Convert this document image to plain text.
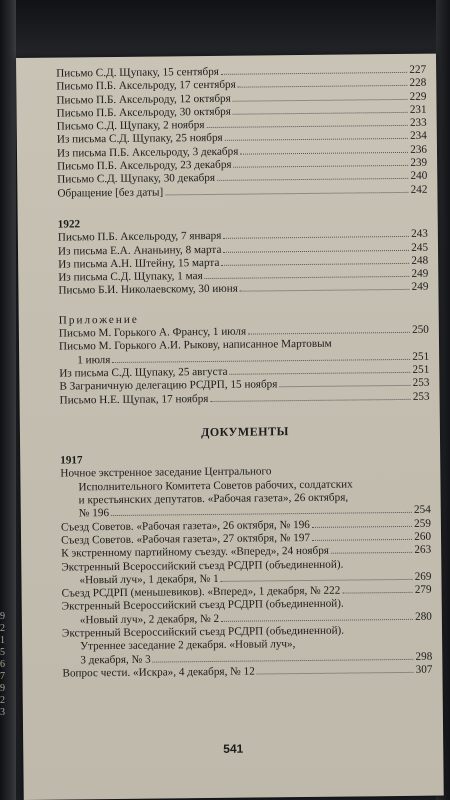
9
2
1
5
6
7
9
2
3
Письмо С.Д. Щупаку, 15 сентября	227
Письмо П.Б. Аксельроду, 17 сентября	228
Письмо П.Б. Аксельроду, 12 октября	229
Письмо П.Б. Аксельроду, 30 октября	231
Письмо С.Д. Щупаку, 2 ноября	233
Из письма С.Д. Щупаку, 25 ноября	234
Из письма П.Б. Аксельроду, 3 декабря	236
Письмо П.Б. Аксельроду, 23 декабря	239
Письмо С.Д. Щупаку, 30 декабря	240
Обращение [без даты]	242
1922
Письмо П.Б. Аксельроду, 7 января	243
Из письма Е.А. Ананьину, 8 марта	245
Из письма А.Н. Штейну, 15 марта	248
Из письма С.Д. Щупаку, 1 мая	249
Письмо Б.И. Николаевскому, 30 июня	249
Приложение
Письмо М. Горького А. Франсу, 1 июля	250
Письмо М. Горького А.И. Рыкову, написанное Мартовым
1 июля	251
Из письма С.Д. Щупаку, 25 августа	251
В Заграничную делегацию РСДРП, 15 ноября	253
Письмо Н.Е. Щупак, 17 ноября	253
ДОКУМЕНТЫ
1917
Ночное экстренное заседание Центрального
Исполнительного Комитета Советов рабочих, солдатских
и крестьянских депутатов. «Рабочая газета», 26 октября,
№ 196	254
Съезд Советов. «Рабочая газета», 26 октября, № 196	259
Съезд Советов. «Рабочая газета», 27 октября, № 197	260
К экстренному партийному съезду. «Вперед», 24 ноября	263
Экстренный Всероссийский съезд РСДРП (объединенной).
«Новый луч», 1 декабря, № 1	269
Съезд РСДРП (меньшевиков). «Вперед», 1 декабря, № 222	279
Экстренный Всероссийский съезд РСДРП (объединенной).
«Новый луч», 2 декабря, № 2	280
Экстренный Всероссийский съезд РСДРП (объединенной).
Утреннее заседание 2 декабря. «Новый луч»,
3 декабря, № 3	298
Вопрос чести. «Искра», 4 декабря, № 12	307
541
